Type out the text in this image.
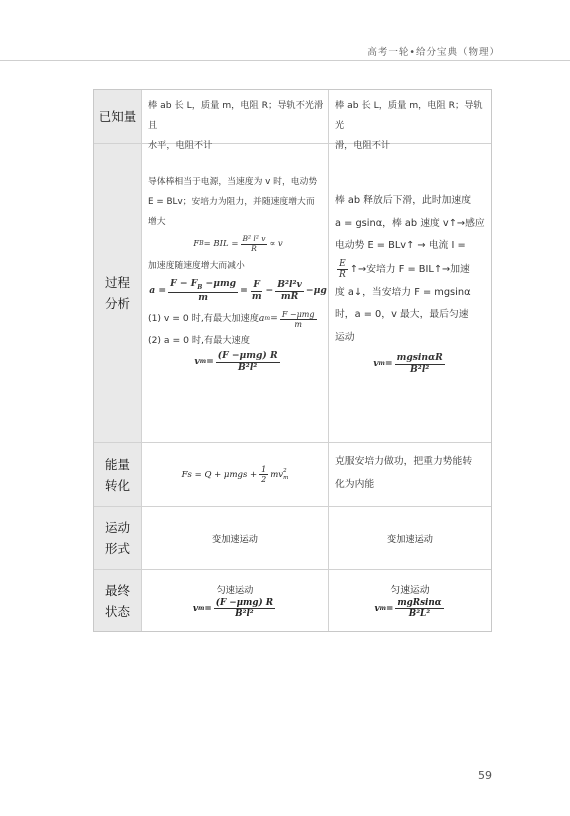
高考一轮•给分宝典（物理）
已知量
棒 ab 长 L，质量 m，电阻 R；导轨不光滑且
水平，电阻不计
棒 ab 长 L，质量 m，电阻 R；导轨光
滑，电阻不计
过程
分析
导体棒相当于电源，当速度为 v 时，电动势
E = BLv；安培力为阻力，并随速度增大而
增大
F B = BIL = $\frac{\text{B² l² v}}{R} \propto v$
加速度随速度增大而减小
$a = \frac{F - F_B -\mu mg}{m} = \frac{F}{m} - \frac{\text{B²l²v}}{mR} -\mu g$
(1) v = 0 时,有最大加速度 a $m = \frac{\text{F −μmg}}{m}$
(2) a = 0 时,有最大速度
v $m = \frac{\text{(F −μmg) R}}{\text{B²l²}}$
棒 ab 释放后下滑，此时加速度
a = gsinα，棒 ab 速度 v↑→感应
电动势 E = BLv↑ → 电流 I =
$\frac{E}{R}$ ↑→安培力 F = BIL↑→加速
度 a↓，当安培力 F = mgsinα
时，a = 0，v 最大，最后匀速
运动
v $m = \frac{mgsin\alpha R}{\text{B²l²}}$
能量
转化
$Fs = Q + \mu mgs + \frac{1}{2}$ mv 2
m
克服安培力做功，把重力势能转
化为内能
运动
形式
变加速运动	变加速运动
最终
状态
匀速运动
v $m = \frac{\text{(F −μmg) R}}{\text{B²l²}}$
匀速运动
v $m = \frac{\text{mgRsinα}}{\text{B²L²}}$
59
